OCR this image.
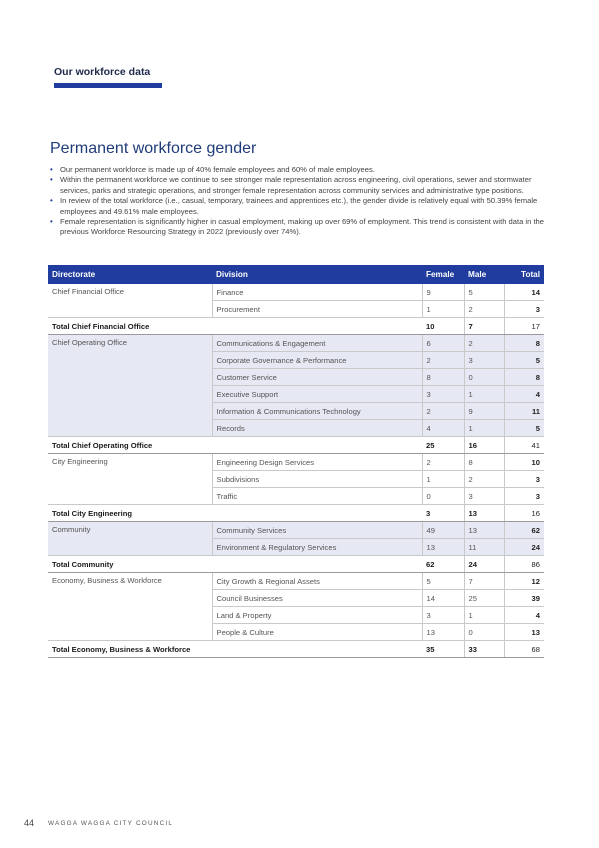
Our workforce data
Permanent workforce gender
• Our permanent workforce is made up of 40% female employees and 60% of male employees.
• Within the permanent workforce we continue to see stronger male representation across engineering, civil operations, sewer and stormwater services, parks and strategic operations, and stronger female representation across community services and administrative type positions.
• In review of the total workforce (i.e., casual, temporary, trainees and apprentices etc.), the gender divide is relatively equal with 50.39% female employees and 49.61% male employees.
• Female representation is significantly higher in casual employment, making up over 69% of employment. This trend is consistent with data in the previous Workforce Resourcing Strategy in 2022 (previously over 74%).
Directorate	Division	Female	Male	Total
Chief Financial Office	Finance	9	5	14
	Procurement	1	2	3
Total Chief Financial Office		10	7	17
Chief Operating Office	Communications & Engagement	6	2	8
	Corporate Governance & Performance	2	3	5
	Customer Service	8	0	8
	Executive Support	3	1	4
	Information & Communications Technology	2	9	11
	Records	4	1	5
Total Chief Operating Office		25	16	41
City Engineering	Engineering Design Services	2	8	10
	Subdivisions	1	2	3
	Traffic	0	3	3
Total City Engineering		3	13	16
Community	Community Services	49	13	62
	Environment & Regulatory Services	13	11	24
Total Community		62	24	86
Economy, Business & Workforce	City Growth & Regional Assets	5	7	12
	Council Businesses	14	25	39
	Land & Property	3	1	4
	People & Culture	13	0	13
Total Economy, Business & Workforce		35	33	68
44 WAGGA WAGGA CITY COUNCIL
